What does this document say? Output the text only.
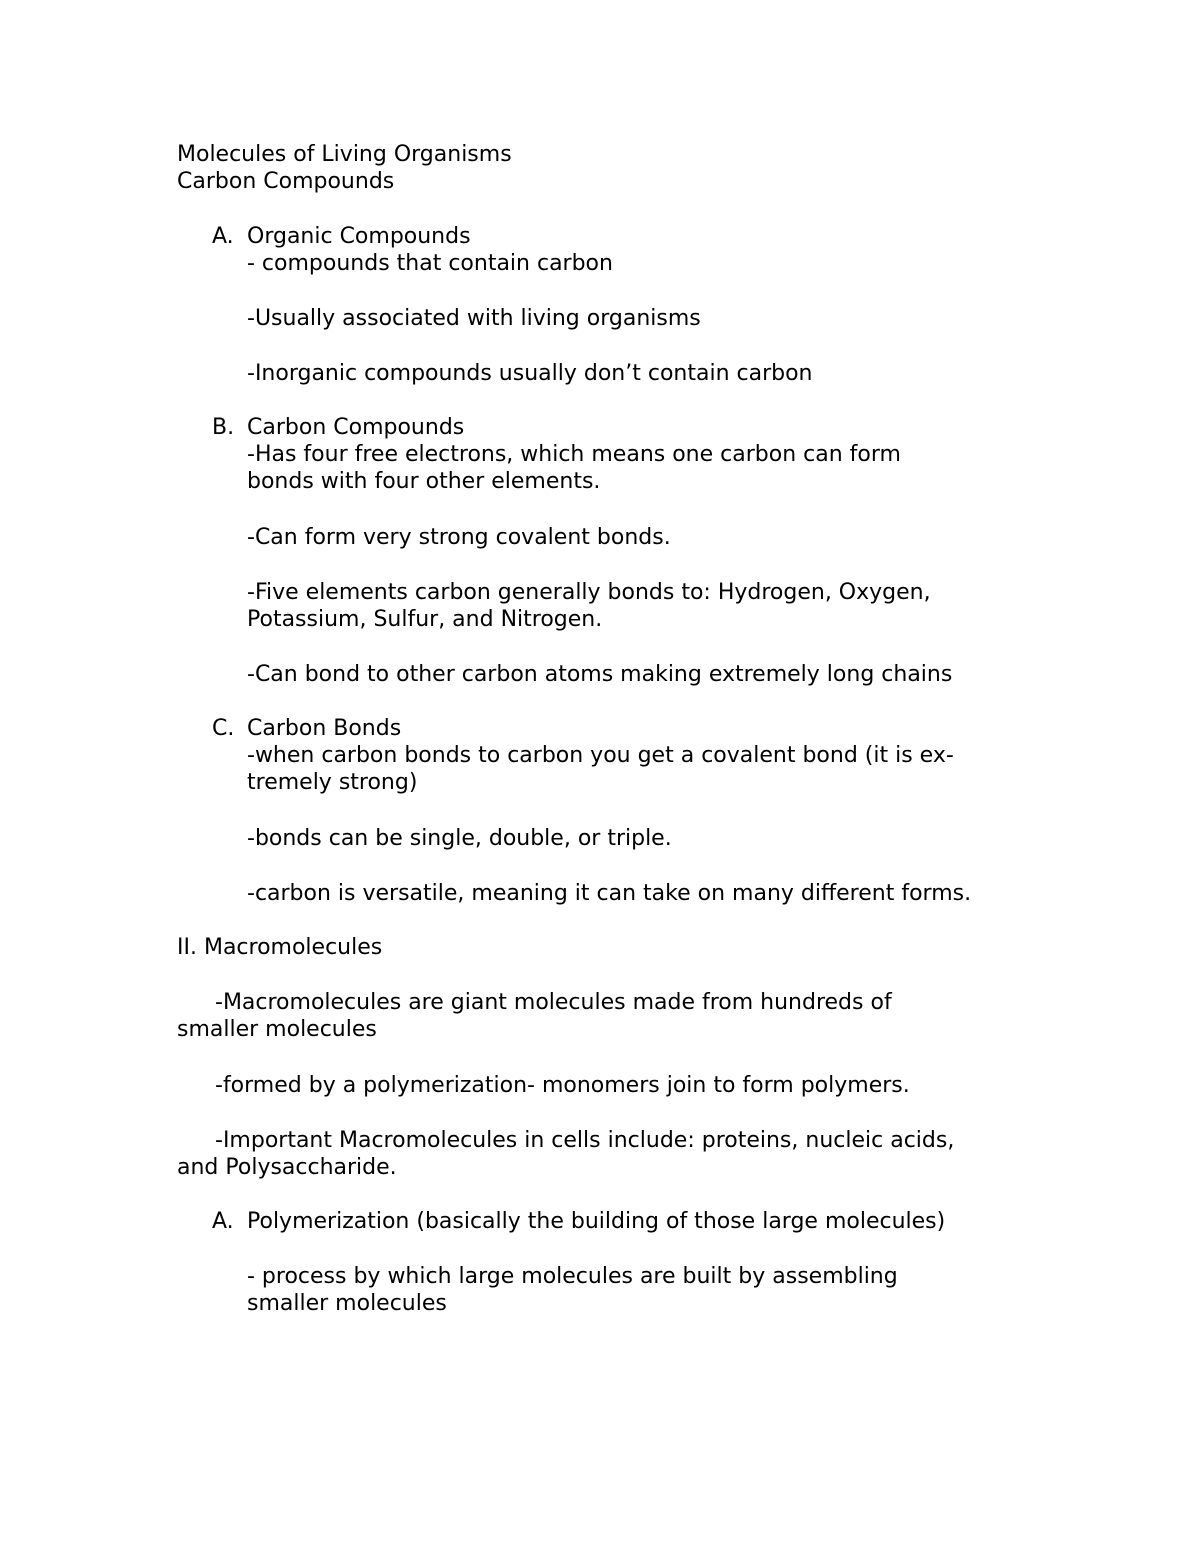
Molecules of Living Organisms
Carbon Compounds
A. Organic Compounds
- compounds that contain carbon
-Usually associated with living organisms
-Inorganic compounds usually don’t contain carbon
B. Carbon Compounds
-Has four free electrons, which means one carbon can form
bonds with four other elements.
-Can form very strong covalent bonds.
-Five elements carbon generally bonds to: Hydrogen, Oxygen,
Potassium, Sulfur, and Nitrogen.
-Can bond to other carbon atoms making extremely long chains
C. Carbon Bonds
-when carbon bonds to carbon you get a covalent bond (it is ex-
tremely strong)
-bonds can be single, double, or triple.
-carbon is versatile, meaning it can take on many different forms.
II. Macromolecules
-Macromolecules are giant molecules made from hundreds of
smaller molecules
-formed by a polymerization- monomers join to form polymers.
-Important Macromolecules in cells include: proteins, nucleic acids,
and Polysaccharide.
A. Polymerization (basically the building of those large molecules)
- process by which large molecules are built by assembling
smaller molecules
